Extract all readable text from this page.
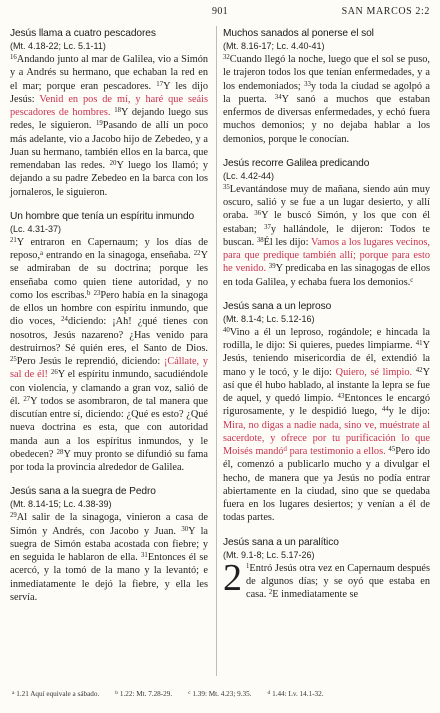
901	SAN MARCOS 2:2

Jesús llama a cuatro pescadores

(Mt. 4.18-22; Lc. 5.1-11)

$^{16}$Andando junto al mar de Galilea, vio a Simón y a Andrés su hermano, que echaban la red en el mar; porque eran pescadores. $^{17}$Y les dijo Jesús: Venid en pos de mí, y haré que seáis pescadores de hombres. $^{18}$Y dejando luego sus redes, le siguieron. $^{19}$Pasando de allí un poco más adelante, vio a Jacobo hijo de Zebedeo, y a Juan su hermano, también ellos en la barca, que remendaban las redes. $^{20}$Y luego los llamó; y dejando a su padre Zebedeo en la barca con los jornaleros, le siguieron.

Un hombre que tenía un espíritu inmundo

(Lc. 4.31-37)

$^{21}$Y entraron en Capernaum; y los días de reposo,$^a$ entrando en la sinagoga, enseñaba. $^{22}$Y se admiraban de su doctrina; porque les enseñaba como quien tiene autoridad, y no como los escribas.$^b$ $^{23}$Pero había en la sinagoga de ellos un hombre con espíritu inmundo, que dio voces, $^{24}$diciendo: ¡Ah! ¿qué tienes con nosotros, Jesús nazareno? ¿Has venido para destruirnos? Sé quién eres, el Santo de Dios. $^{25}$Pero Jesús le reprendió, diciendo: ¡Cállate, y sal de él! $^{26}$Y el espíritu inmundo, sacudiéndole con violencia, y clamando a gran voz, salió de él. $^{27}$Y todos se asombraron, de tal manera que discutían entre sí, diciendo: ¿Qué es esto? ¿Qué nueva doctrina es esta, que con autoridad manda aun a los espíritus inmundos, y le obedecen? $^{28}$Y muy pronto se difundió su fama por toda la provincia alrededor de Galilea.

Jesús sana a la suegra de Pedro

(Mt. 8.14-15; Lc. 4.38-39)

$^{29}$Al salir de la sinagoga, vinieron a casa de Simón y Andrés, con Jacobo y Juan. $^{30}$Y la suegra de Simón estaba acostada con fiebre; y en seguida le hablaron de ella. $^{31}$Entonces él se acercó, y la tomó de la mano y la levantó; e inmediatamente le dejó la fiebre, y ella les servía.

Muchos sanados al ponerse el sol

(Mt. 8.16-17; Lc. 4.40-41)

$^{32}$Cuando llegó la noche, luego que el sol se puso, le trajeron todos los que tenían enfermedades, y a los endemoniados; $^{33}$y toda la ciudad se agolpó a la puerta. $^{34}$Y sanó a muchos que estaban enfermos de diversas enfermedades, y echó fuera muchos demonios; y no dejaba hablar a los demonios, porque le conocían.

Jesús recorre Galilea predicando

(Lc. 4.42-44)

$^{35}$Levantándose muy de mañana, siendo aún muy oscuro, salió y se fue a un lugar desierto, y allí oraba. $^{36}$Y le buscó Simón, y los que con él estaban; $^{37}$y hallándole, le dijeron: Todos te buscan. $^{38}$Él les dijo: Vamos a los lugares vecinos, para que predique también allí; porque para esto he venido. $^{39}$Y predicaba en las sinagogas de ellos en toda Galilea, y echaba fuera los demonios.$^c$

Jesús sana a un leproso

(Mt. 8.1-4; Lc. 5.12-16)

$^{40}$Vino a él un leproso, rogándole; e hincada la rodilla, le dijo: Si quieres, puedes limpiarme. $^{41}$Y Jesús, teniendo misericordia de él, extendió la mano y le tocó, y le dijo: Quiero, sé limpio. $^{42}$Y así que él hubo hablado, al instante la lepra se fue de aquel, y quedó limpio. $^{43}$Entonces le encargó rigurosamente, y le despidió luego, $^{44}$y le dijo: Mira, no digas a nadie nada, sino ve, muéstrate al sacerdote, y ofrece por tu purificación lo que Moisés mandó$^d$ para testimonio a ellos. $^{45}$Pero ido él, comenzó a publicarlo mucho y a divulgar el hecho, de manera que ya Jesús no podía entrar abiertamente en la ciudad, sino que se quedaba fuera en los lugares desiertos; y venían a él de todas partes.

Jesús sana a un paralítico

(Mt. 9.1-8; Lc. 5.17-26)

2 $^1$Entró Jesús otra vez en Capernaum después de algunos días; y se oyó que estaba en casa. $^2$E inmediatamente se

$^a$ 1.21 Aquí equivale a sábado.	$^b$ 1.22: Mt. 7.28-29.	$^c$ 1.39: Mt. 4.23; 9.35.	$^d$ 1.44: Lv. 14.1-32.
